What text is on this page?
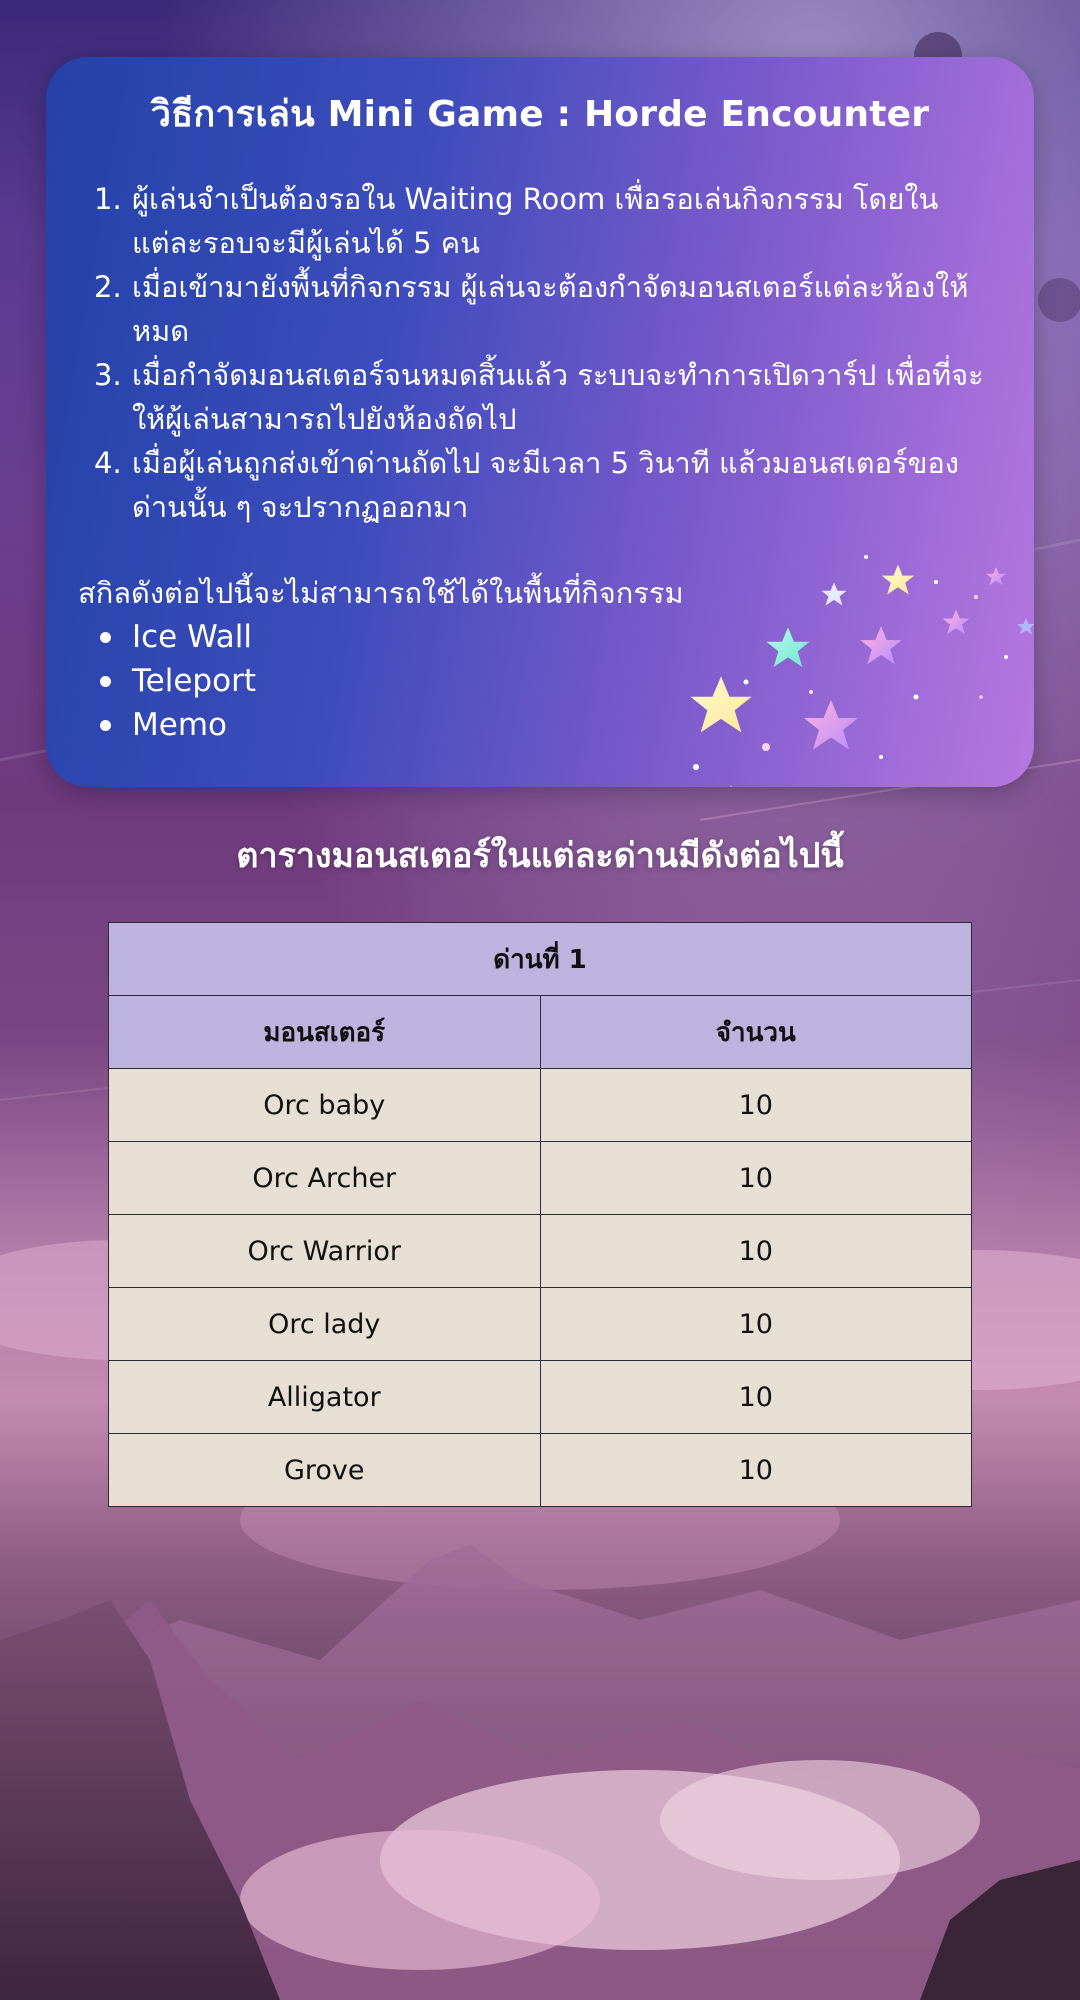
วิธีการเล่น Mini Game : Horde Encounter
1. ผู้เล่นจำเป็นต้องรอใน Waiting Room เพื่อรอเล่นกิจกรรม โดยใน
แต่ละรอบจะมีผู้เล่นได้ 5 คน
2. เมื่อเข้ามายังพื้นที่กิจกรรม ผู้เล่นจะต้องกำจัดมอนสเตอร์แต่ละห้องให้
หมด
3. เมื่อกำจัดมอนสเตอร์จนหมดสิ้นแล้ว ระบบจะทำการเปิดวาร์ป เพื่อที่จะ
ให้ผู้เล่นสามารถไปยังห้องถัดไป
4. เมื่อผู้เล่นถูกส่งเข้าด่านถัดไป จะมีเวลา 5 วินาที แล้วมอนสเตอร์ของ
ด่านนั้น ๆ จะปรากฏออกมา
สกิลดังต่อไปนี้จะไม่สามารถใช้ได้ในพื้นที่กิจกรรม
Ice Wall
Teleport
Memo
ตารางมอนสเตอร์ในแต่ละด่านมีดังต่อไปนี้
ด่านที่ 1	
มอนสเตอร์	จำนวน
Orc baby	10
Orc Archer	10
Orc Warrior	10
Orc lady	10
Alligator	10
Grove	10
